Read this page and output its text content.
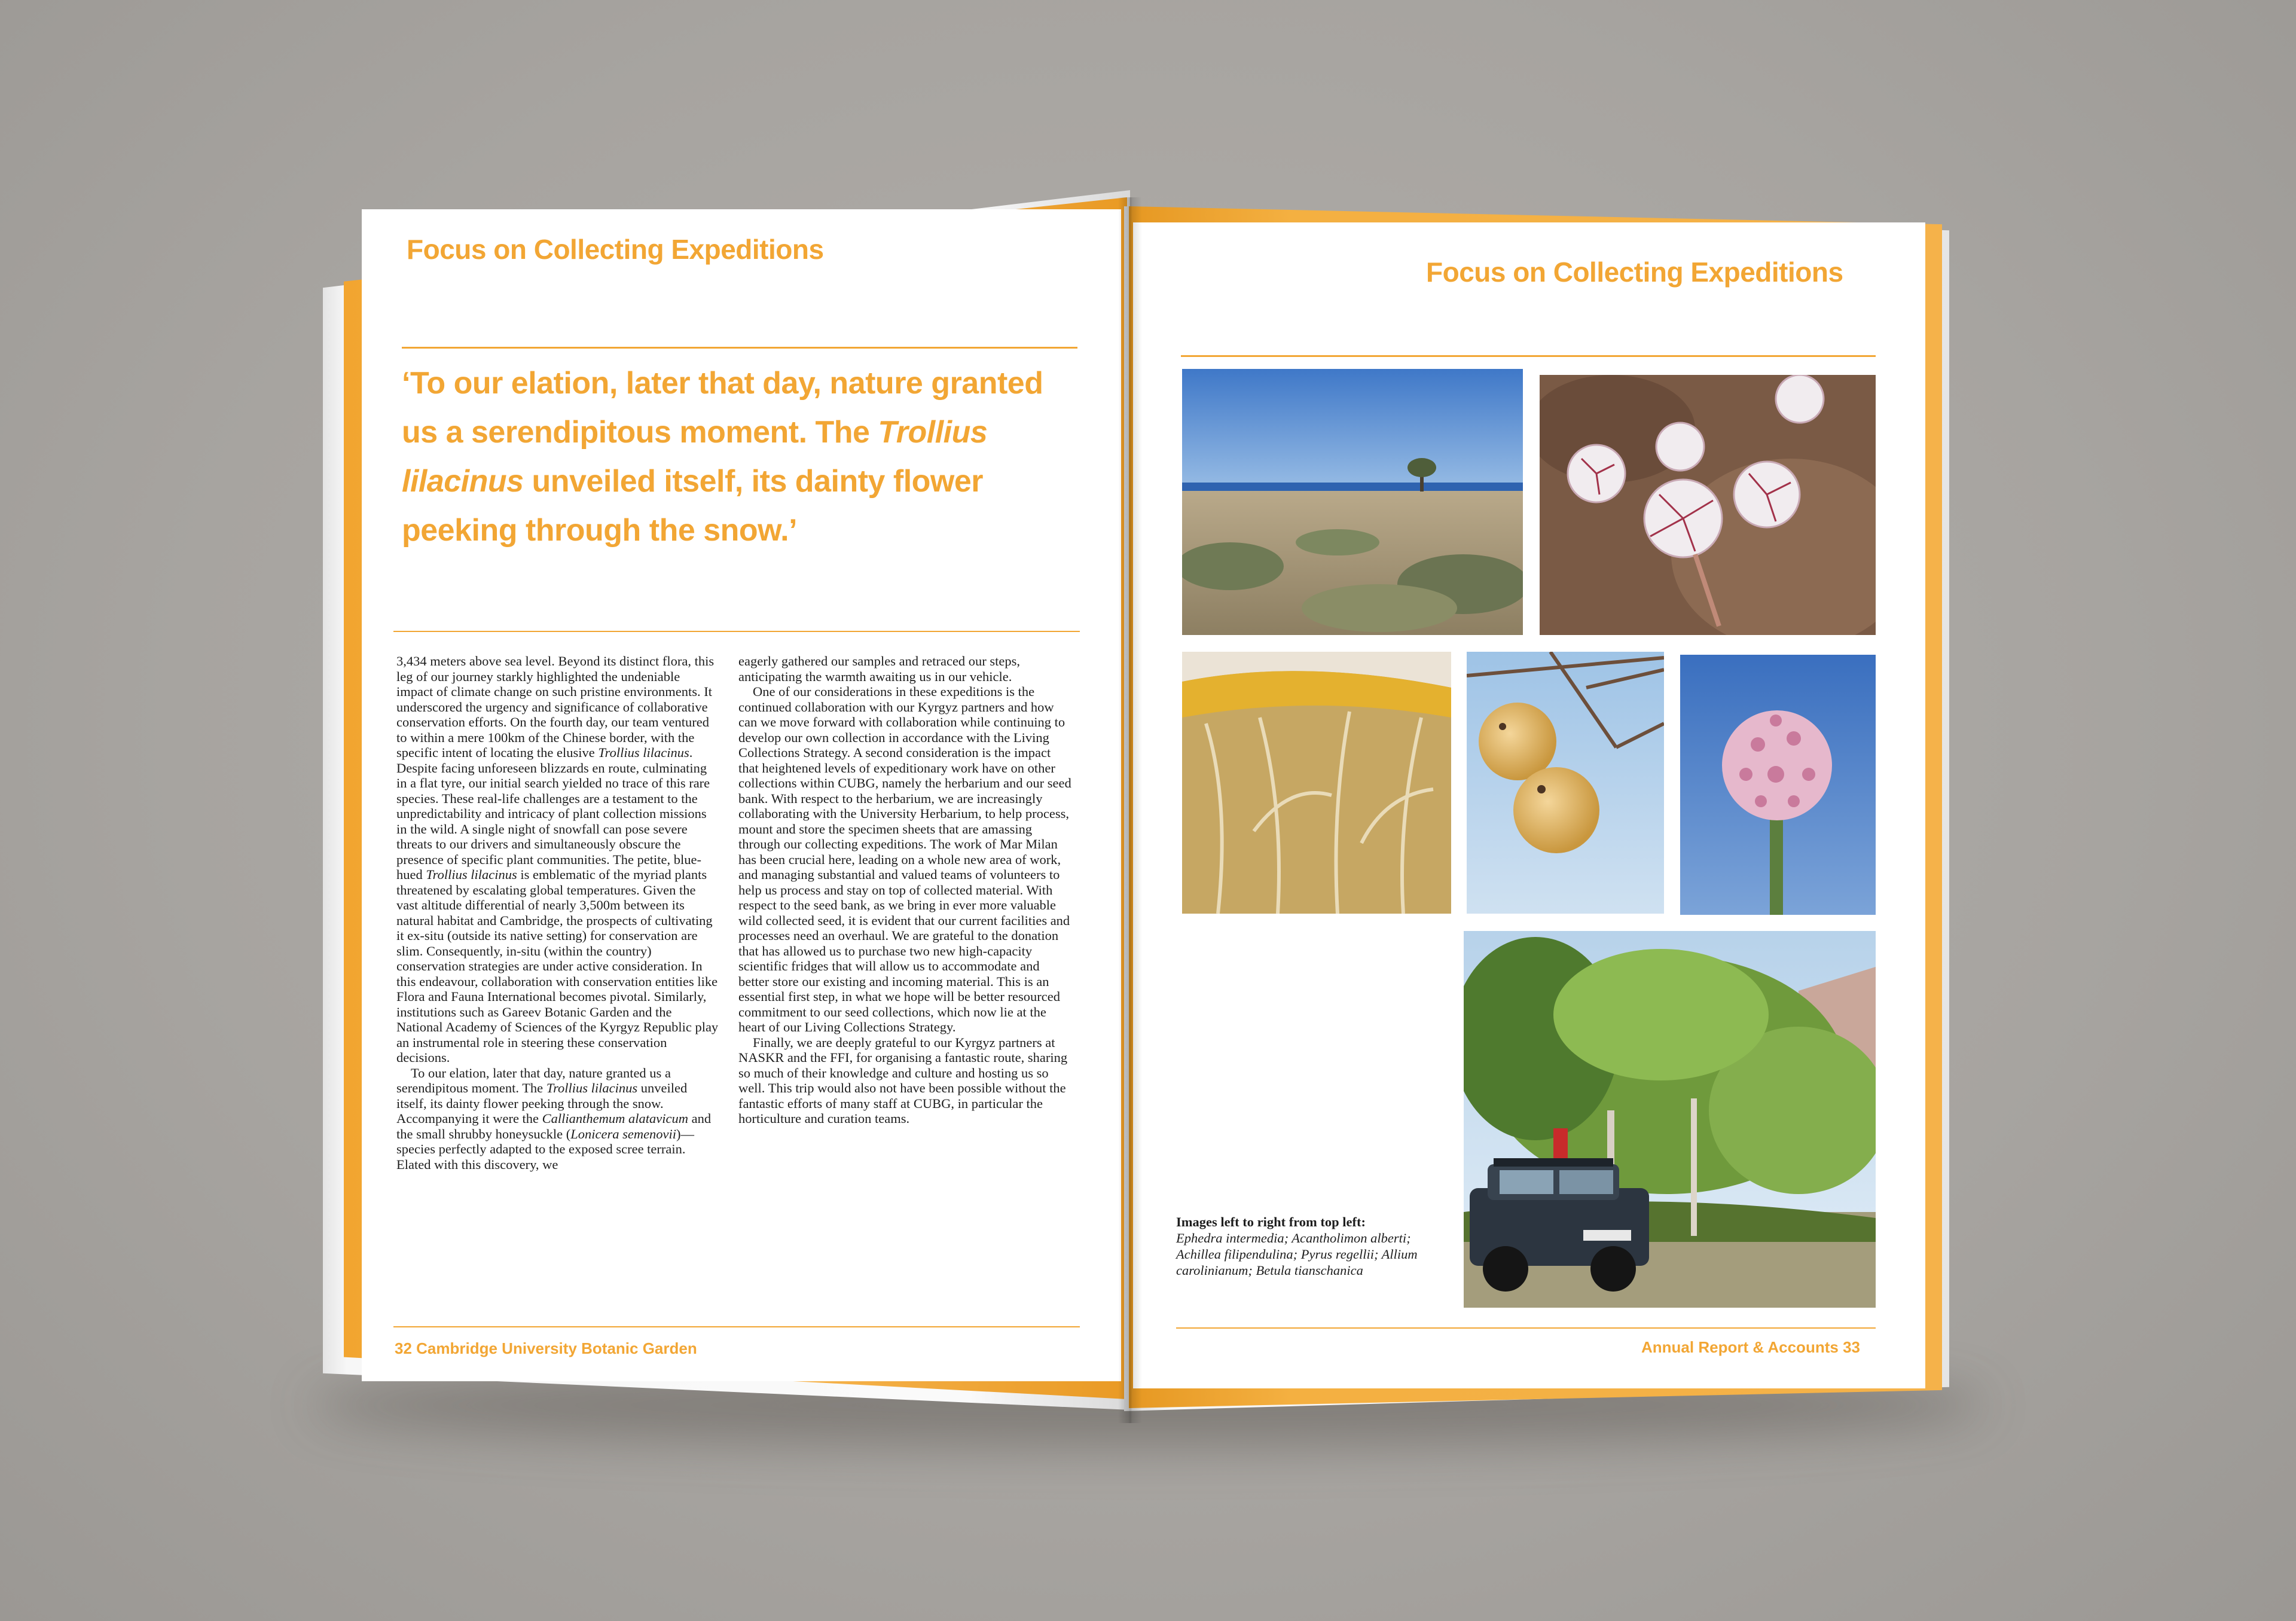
Focus on Collecting Expeditions

‘To our elation, later that day, nature granted us a serendipitous moment. The Trollius lilacinus unveiled itself, its dainty flower peeking through the snow.’

3,434 meters above sea level. Beyond its distinct flora, this leg of our journey starkly highlighted the undeniable impact of climate change on such pristine environments. It underscored the urgency and significance of collaborative conservation efforts. On the fourth day, our team ventured to within a mere 100km of the Chinese border, with the specific intent of locating the elusive Trollius lilacinus. Despite facing unforeseen blizzards en route, culminating in a flat tyre, our initial search yielded no trace of this rare species. These real-life challenges are a testament to the unpredictability and intricacy of plant collection missions in the wild. A single night of snowfall can pose severe threats to our drivers and simultaneously obscure the presence of specific plant communities. The petite, blue-hued Trollius lilacinus is emblematic of the myriad plants threatened by escalating global temperatures. Given the vast altitude differential of nearly 3,500m between its natural habitat and Cambridge, the prospects of cultivating it ex-situ (outside its native setting) for conservation are slim. Consequently, in-situ (within the country) conservation strategies are under active consideration. In this endeavour, collaboration with conservation entities like Flora and Fauna International becomes pivotal. Similarly, institutions such as Gareev Botanic Garden and the National Academy of Sciences of the Kyrgyz Republic play an instrumental role in steering these conservation decisions.

To our elation, later that day, nature granted us a serendipitous moment. The Trollius lilacinus unveiled itself, its dainty flower peeking through the snow. Accompanying it were the Callianthemum alatavicum and the small shrubby honeysuckle (Lonicera semenovii)—species perfectly adapted to the exposed scree terrain. Elated with this discovery, we

eagerly gathered our samples and retraced our steps, anticipating the warmth awaiting us in our vehicle.

One of our considerations in these expeditions is the continued collaboration with our Kyrgyz partners and how can we move forward with collaboration while continuing to develop our own collection in accordance with the Living Collections Strategy. A second consideration is the impact that heightened levels of expeditionary work have on other collections within CUBG, namely the herbarium and our seed bank. With respect to the herbarium, we are increasingly collaborating with the University Herbarium, to help process, mount and store the specimen sheets that are amassing through our collecting expeditions. The work of Mar Milan has been crucial here, leading on a whole new area of work, and managing substantial and valued teams of volunteers to help us process and stay on top of collected material. With respect to the seed bank, as we bring in ever more valuable wild collected seed, it is evident that our current facilities and processes need an overhaul. We are grateful to the donation that has allowed us to purchase two new high-capacity scientific fridges that will allow us to accommodate and better store our existing and incoming material. This is an essential first step, in what we hope will be better resourced commitment to our seed collections, which now lie at the heart of our Living Collections Strategy.

Finally, we are deeply grateful to our Kyrgyz partners at NASKR and the FFI, for organising a fantastic route, sharing so much of their knowledge and culture and hosting us so well. This trip would also not have been possible without the fantastic efforts of many staff at CUBG, in particular the horticulture and curation teams.

32 Cambridge University Botanic Garden
Focus on Collecting Expeditions
Images left to right from top left:
Ephedra intermedia; Acantholimon alberti; Achillea filipendulina; Pyrus regellii; Allium carolinianum; Betula tianschanica
Annual Report & Accounts 33
